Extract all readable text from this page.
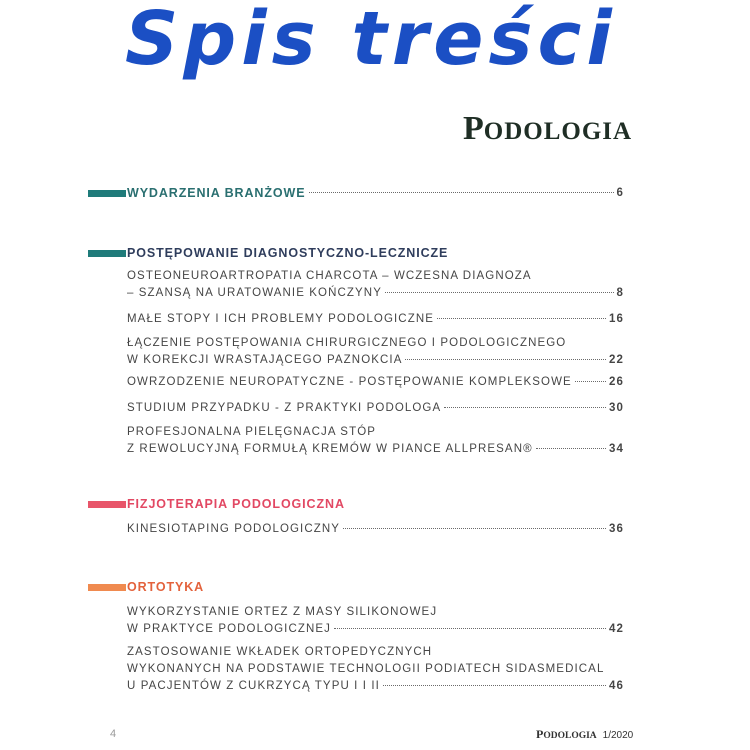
Spis treści
PODOLOGIA
WYDARZENIA BRANŻOWE	6
POSTĘPOWANIE DIAGNOSTYCZNO-LECZNICZE
OSTEONEUROARTROPATIA CHARCOTA – WCZESNA DIAGNOZA
– SZANSĄ NA URATOWANIE KOŃCZYNY	8
MAŁE STOPY I ICH PROBLEMY PODOLOGICZNE	16
ŁĄCZENIE POSTĘPOWANIA CHIRURGICZNEGO I PODOLOGICZNEGO
W KOREKCJI WRASTAJĄCEGO PAZNOKCIA	22
OWRZODZENIE NEUROPATYCZNE - POSTĘPOWANIE KOMPLEKSOWE	26
STUDIUM PRZYPADKU - Z PRAKTYKI PODOLOGA	30
PROFESJONALNA PIELĘGNACJA STÓP
Z REWOLUCYJNĄ FORMUŁĄ KREMÓW W PIANCE ALLPRESAN®	34
FIZJOTERAPIA PODOLOGICZNA
KINESIOTAPING PODOLOGICZNY	36
ORTOTYKA
WYKORZYSTANIE ORTEZ Z MASY SILIKONOWEJ
W PRAKTYCE PODOLOGICZNEJ	42
ZASTOSOWANIE WKŁADEK ORTOPEDYCZNYCH
WYKONANYCH NA PODSTAWIE TECHNOLOGII PODIATECH SIDASMEDICAL
U PACJENTÓW Z CUKRZYCĄ TYPU I I II	46
4	PODOLOGIA 1/2020
